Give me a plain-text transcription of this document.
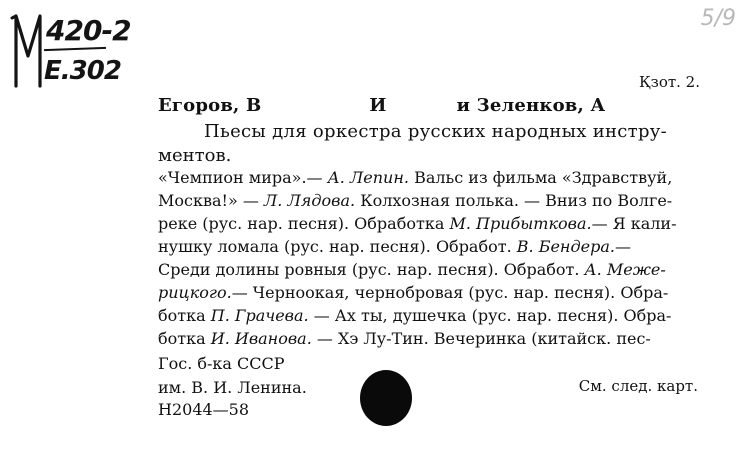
420-2
Е.302
5/9
Қзот. 2.
Егоров, В	И	и Зеленков, А
Пьесы для оркестра русских народных инстру-
ментов.
«Чемпион мира».— А. Лепин. Вальс из фильма «Здравствуй,
Москва!» — Л. Лядова. Колхозная полька. — Вниз по Волге-
реке (рус. нар. песня). Обработка М. Прибыткова.— Я кали-
нушку ломала (рус. нар. песня). Обработ. В. Бендера.—
Среди долины ровныя (рус. нар. песня). Обработ. А. Меже-
рицкого.— Черноокая, чернобровая (рус. нар. песня). Обра-
ботка П. Грачева. — Ах ты, душечка (рус. нар. песня). Обра-
ботка И. Иванова. — Хэ Лу-Тин. Вечеринка (китайск. пес-
Гос. б-ка СССР
им. В. И. Ленина.
Н2044—58
См. след. карт.
